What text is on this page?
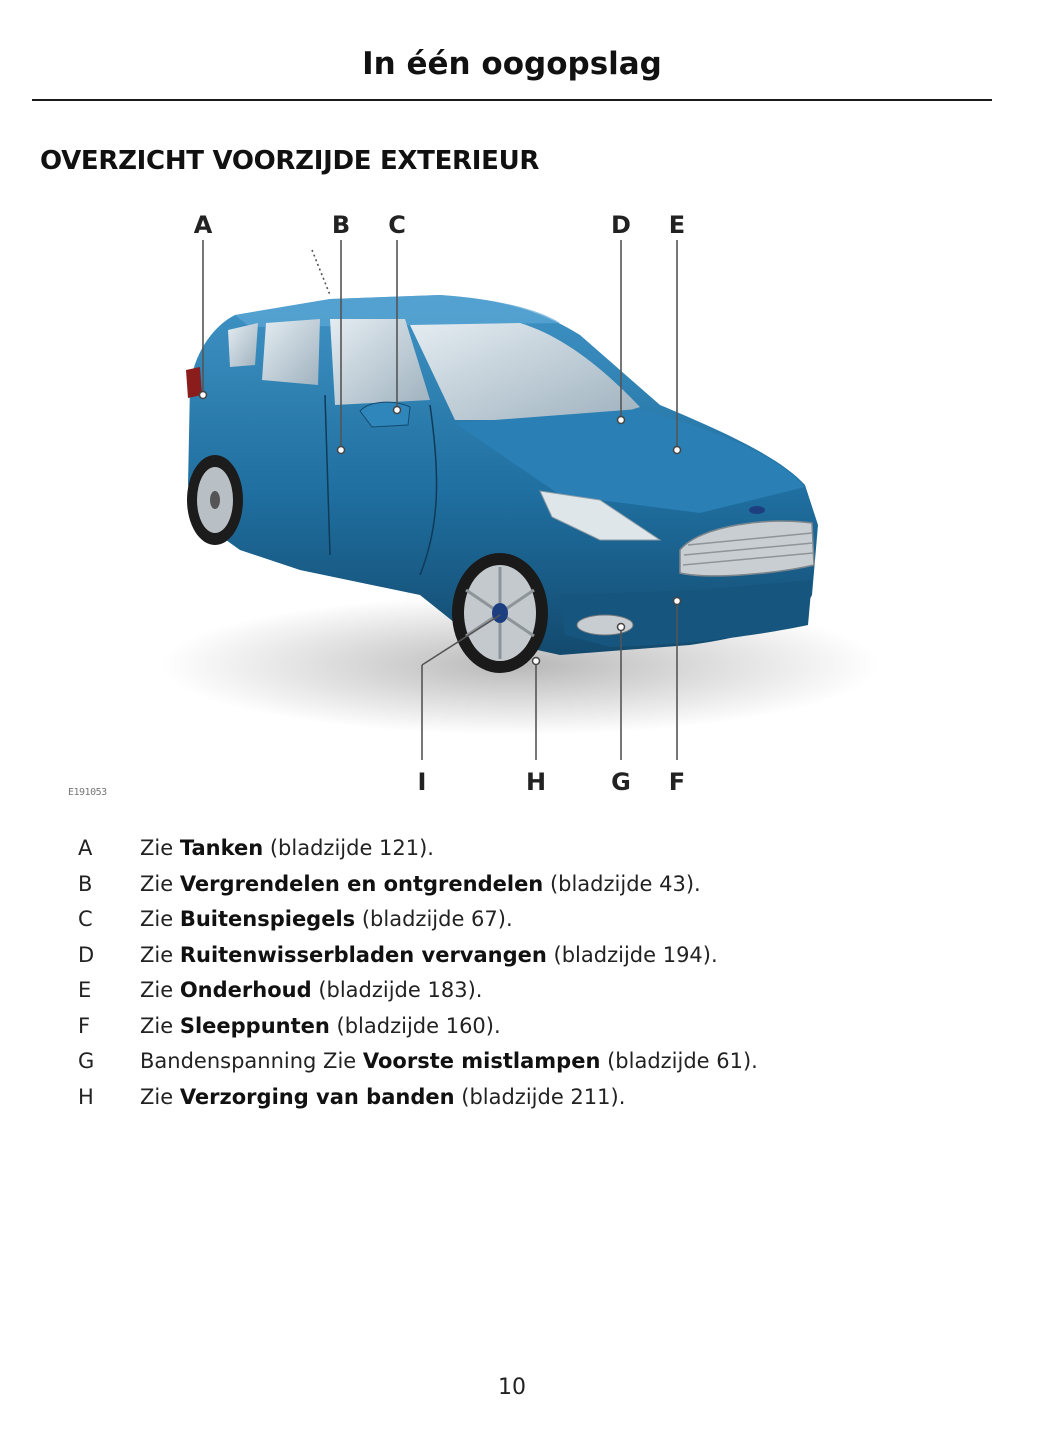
In één oogopslag
OVERZICHT VOORZIJDE EXTERIEUR
A	B C	D E
I	H	G F
E191053
A Zie Tanken (bladzijde 121).
B Zie Vergrendelen en ontgrendelen (bladzijde 43).
C Zie Buitenspiegels (bladzijde 67).
D Zie Ruitenwisserbladen vervangen (bladzijde 194).
E	Zie Onderhoud (bladzijde 183).
F	Zie Sleeppunten (bladzijde 160).
G Bandenspanning Zie Voorste mistlampen (bladzijde 61).
H Zie Verzorging van banden (bladzijde 211).
10
